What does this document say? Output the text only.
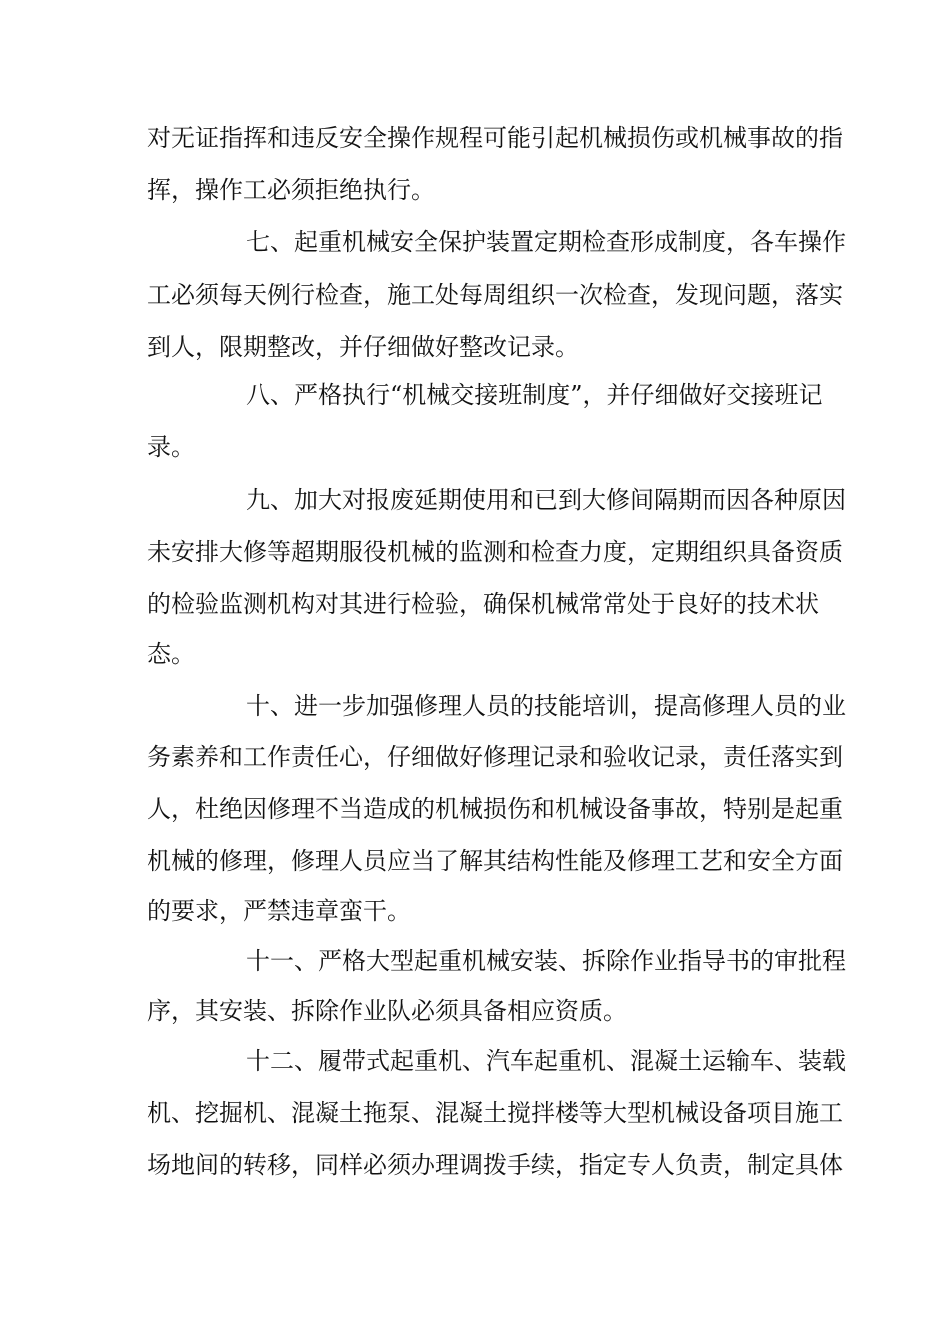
对无证指挥和违反安全操作规程可能引起机械损伤或机械事故的指
挥，操作工必须拒绝执行。
七、起重机械安全保护装置定期检查形成制度，各车操作
工必须每天例行检查，施工处每周组织一次检查，发现问题，落实
到人，限期整改，并仔细做好整改记录。
八、严格执行“机械交接班制度”，并仔细做好交接班记
录。
九、加大对报废延期使用和已到大修间隔期而因各种原因
未安排大修等超期服役机械的监测和检查力度，定期组织具备资质
的检验监测机构对其进行检验，确保机械常常处于良好的技术状
态。
十、进一步加强修理人员的技能培训，提高修理人员的业
务素养和工作责任心，仔细做好修理记录和验收记录，责任落实到
人，杜绝因修理不当造成的机械损伤和机械设备事故，特别是起重
机械的修理，修理人员应当了解其结构性能及修理工艺和安全方面
的要求，严禁违章蛮干。
十一、严格大型起重机械安装、拆除作业指导书的审批程
序，其安装、拆除作业队必须具备相应资质。
十二、履带式起重机、汽车起重机、混凝土运输车、装载
机、挖掘机、混凝土拖泵、混凝土搅拌楼等大型机械设备项目施工
场地间的转移，同样必须办理调拨手续，指定专人负责，制定具体
